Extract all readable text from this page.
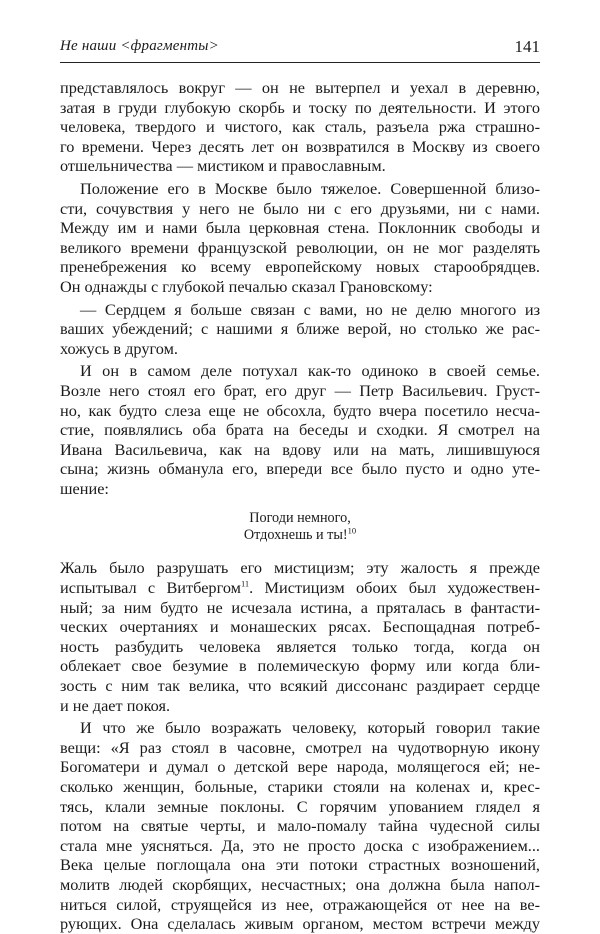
Не наши <фрагменты>	141
представлялось вокруг — он не вытерпел и уехал в деревню,
затая в груди глубокую скорбь и тоску по деятельности. И этого
человека, твердого и чистого, как сталь, разъела ржа страшно-
го времени. Через десять лет он возвратился в Москву из своего
отшельничества — мистиком и православным.
Положение его в Москве было тяжелое. Совершенной близо-
сти, сочувствия у него не было ни с его друзьями, ни с нами.
Между им и нами была церковная стена. Поклонник свободы и
великого времени французской революции, он не мог разделять
пренебрежения ко всему европейскому новых старообрядцев.
Он однажды с глубокой печалью сказал Грановскому:
— Сердцем я больше связан с вами, но не делю многого из
ваших убеждений; с нашими я ближе верой, но столько же рас-
хожусь в другом.
И он в самом деле потухал как-то одиноко в своей семье.
Возле него стоял его брат, его друг — Петр Васильевич. Груст-
но, как будто слеза еще не обсохла, будто вчера посетило несча-
стие, появлялись оба брата на беседы и сходки. Я смотрел на
Ивана Васильевича, как на вдову или на мать, лишившуюся
сына; жизнь обманула его, впереди все было пусто и одно уте-
шение:
Погоди немного,
Отдохнешь и ты!$^{10}$
Жаль было разрушать его мистицизм; эту жалость я прежде
испытывал с Витбергом$^{11}$. Мистицизм обоих был художествен-
ный; за ним будто не исчезала истина, а пряталась в фантасти-
ческих очертаниях и монашеских рясах. Беспощадная потреб-
ность разбудить человека является только тогда, когда он
облекает свое безумие в полемическую форму или когда бли-
зость с ним так велика, что всякий диссонанс раздирает сердце
и не дает покоя.
И что же было возражать человеку, который говорил такие
вещи: «Я раз стоял в часовне, смотрел на чудотворную икону
Богоматери и думал о детской вере народа, молящегося ей; не-
сколько женщин, больные, старики стояли на коленах и, крес-
тясь, клали земные поклоны. С горячим упованием глядел я
потом на святые черты, и мало-помалу тайна чудесной силы
стала мне уясняться. Да, это не просто доска с изображением...
Века целые поглощала она эти потоки страстных возношений,
молитв людей скорбящих, несчастных; она должна была напол-
ниться силой, струящейся из нее, отражающейся от нее на ве-
рующих. Она сделалась живым органом, местом встречи между
